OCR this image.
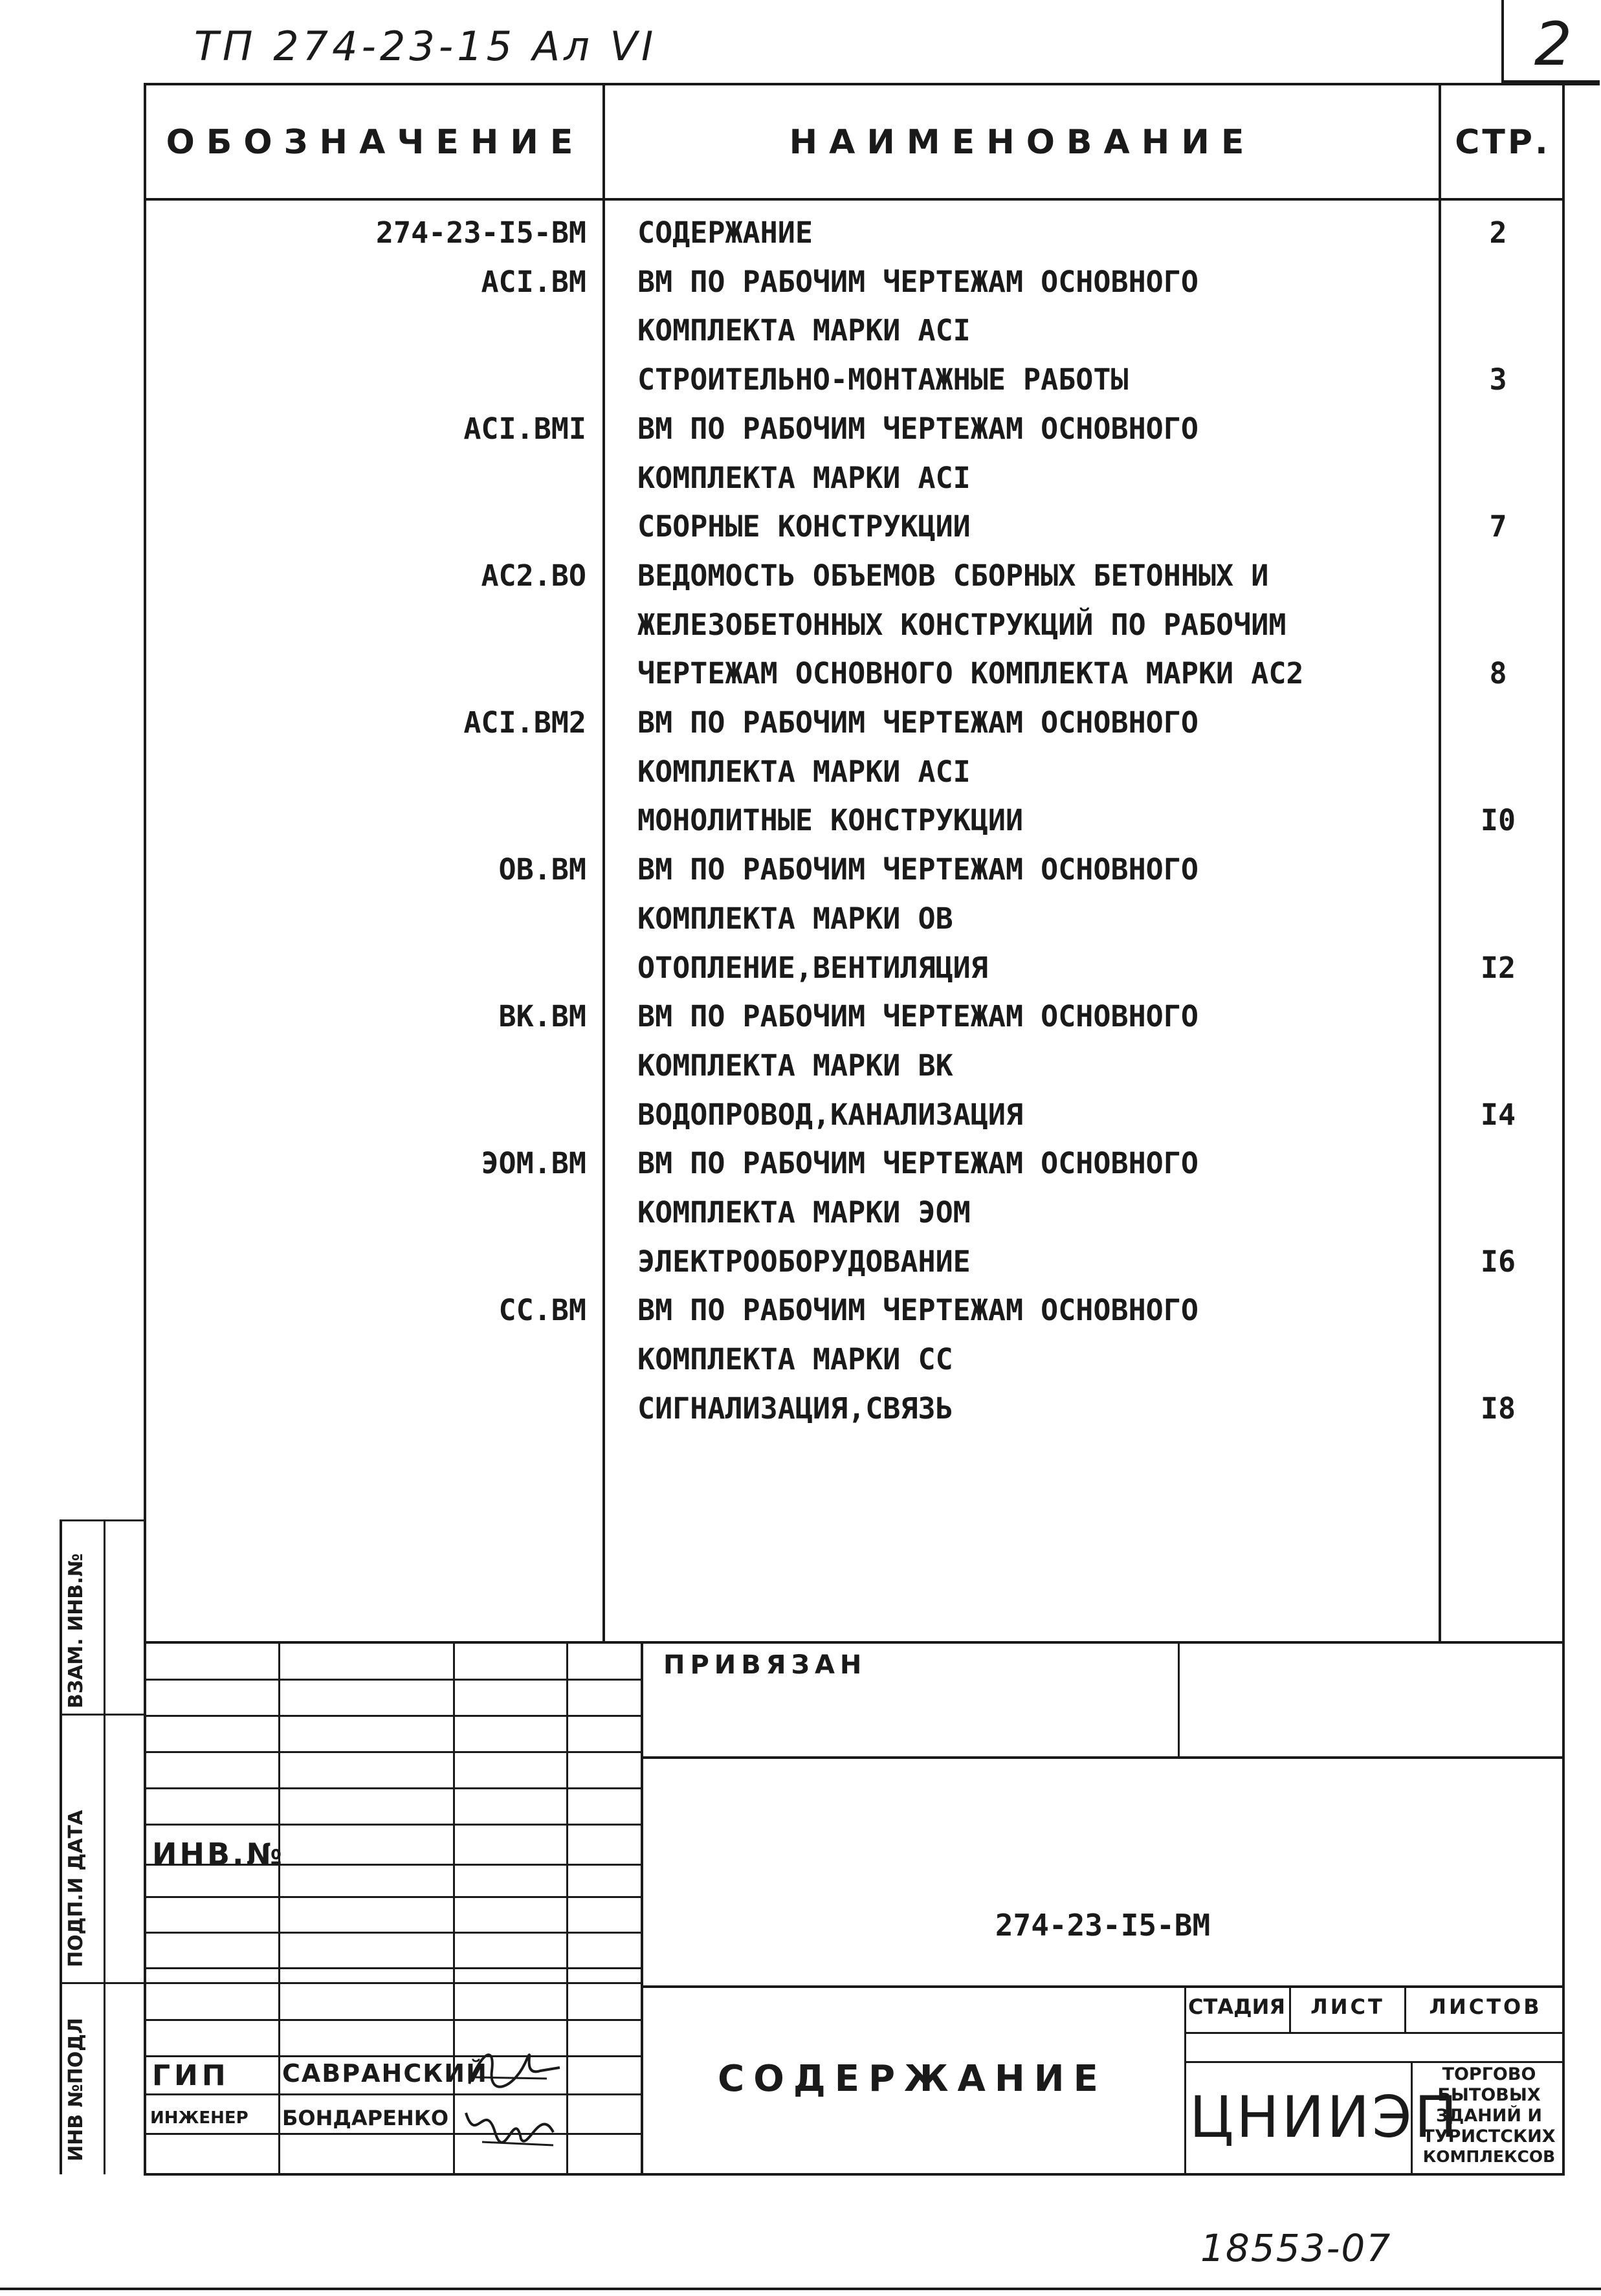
ТП 274-23-15 Ал VI	2
ОБОЗНАЧЕНИЕ	НАИМЕНОВАНИЕ	СТР.
274-23-I5-ВМ СОДЕРЖАНИЕ	2
АСI.ВМ ВМ ПО РАБОЧИМ ЧЕРТЕЖАМ ОСНОВНОГО
КОМПЛЕКТА МАРКИ АСI
СТРОИТЕЛЬНО-МОНТАЖНЫЕ РАБОТЫ	3
АСI.ВМI ВМ ПО РАБОЧИМ ЧЕРТЕЖАМ ОСНОВНОГО
КОМПЛЕКТА МАРКИ АСI
СБОРНЫЕ КОНСТРУКЦИИ	7
АС2.ВО ВЕДОМОСТЬ ОБЪЕМОВ СБОРНЫХ БЕТОННЫХ И
ЖЕЛЕЗОБЕТОННЫХ КОНСТРУКЦИЙ ПО РАБОЧИМ
ЧЕРТЕЖАМ ОСНОВНОГО КОМПЛЕКТА МАРКИ АС2	8
АСI.ВМ2 ВМ ПО РАБОЧИМ ЧЕРТЕЖАМ ОСНОВНОГО
КОМПЛЕКТА МАРКИ АСI
МОНОЛИТНЫЕ КОНСТРУКЦИИ	I0
ОВ.ВМ ВМ ПО РАБОЧИМ ЧЕРТЕЖАМ ОСНОВНОГО
КОМПЛЕКТА МАРКИ ОВ
ОТОПЛЕНИЕ,ВЕНТИЛЯЦИЯ	I2
ВК.ВМ ВМ ПО РАБОЧИМ ЧЕРТЕЖАМ ОСНОВНОГО
КОМПЛЕКТА МАРКИ ВК
ВОДОПРОВОД,КАНАЛИЗАЦИЯ	I4
ЭОМ.ВМ ВМ ПО РАБОЧИМ ЧЕРТЕЖАМ ОСНОВНОГО
КОМПЛЕКТА МАРКИ ЭОМ
ЭЛЕКТРООБОРУДОВАНИЕ	I6
СС.ВМ ВМ ПО РАБОЧИМ ЧЕРТЕЖАМ ОСНОВНОГО
КОМПЛЕКТА МАРКИ СС
СИГНАЛИЗАЦИЯ,СВЯЗЬ	I8
ВЗАМ. ИНВ.№
ПОДП.И ДАТА
ИНВ №ПОДЛ
ПРИВЯЗАН
ИНВ.№
274-23-I5-ВМ
СОДЕРЖАНИЕ
СТАДИЯ	ЛИСТ	ЛИСТОВ
ГИП САВРАНСКИЙ
ИНЖЕНЕР БОНДАРЕНКО	ЦНИИЭП
ТОРГОВО
БЫТОВЫХ
ЗДАНИЙ И
ТУРИСТСКИХ
КОМПЛЕКСОВ
18553-07
